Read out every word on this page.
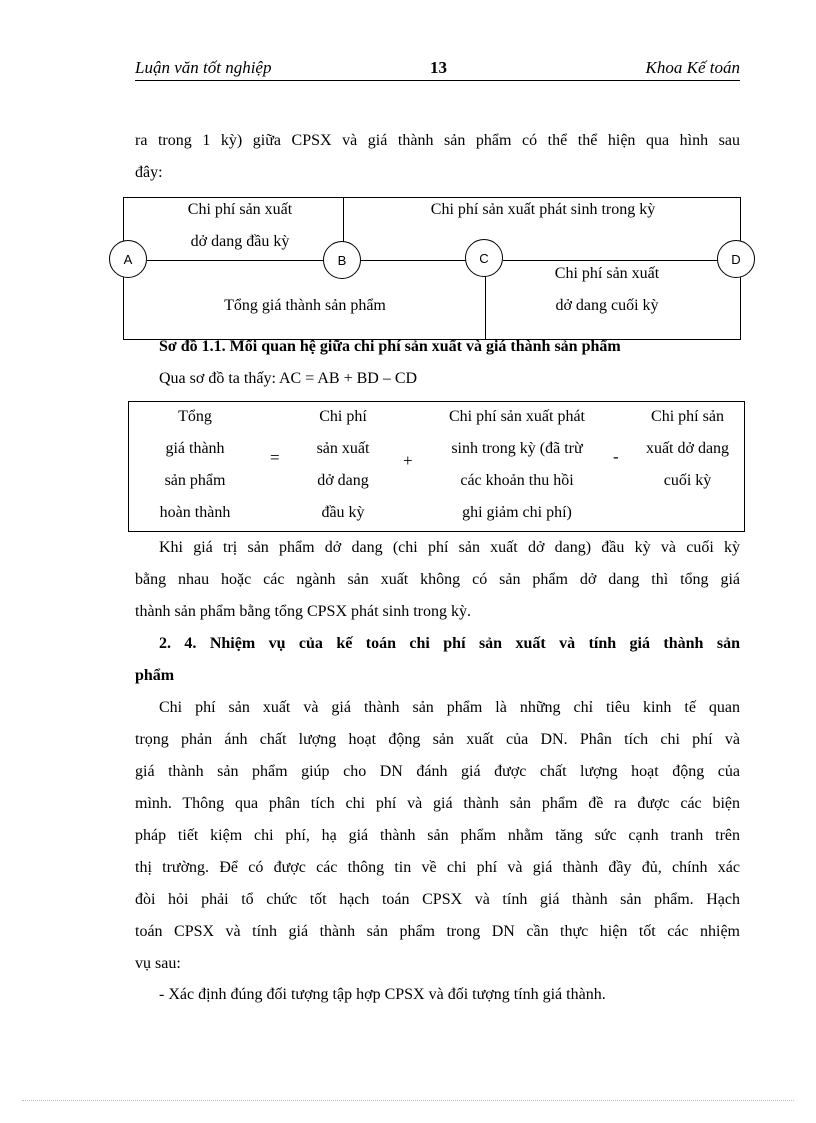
Luận văn tốt nghiệp	13	Khoa Kế toán
ra trong 1 kỳ) giữa CPSX và giá thành sản phẩm có thể thể hiện qua hình sau
đây:
Chi phí sản xuất
dở dang đầu kỳ
Chi phí sản xuất phát sinh trong kỳ
Tổng giá thành sản phẩm
Chi phí sản xuất
dở dang cuối kỳ
A	B	C	D
Sơ đồ 1.1. Mối quan hệ giữa chi phí sản xuất và giá thành sản phẩm
Qua sơ đồ ta thấy: AC = AB + BD – CD
Tổng
giá thành
sản phẩm
hoàn thành
=
Chi phí
sản xuất
dở dang
đầu kỳ
+
Chi phí sản xuất phát
sinh trong kỳ (đã trừ
các khoản thu hồi
ghi giảm chi phí)
-
Chi phí sản
xuất dở dang
cuối kỳ
Khi giá trị sản phẩm dở dang (chi phí sản xuất dở dang) đầu kỳ và cuối kỳ
bằng nhau hoặc các ngành sản xuất không có sản phẩm dở dang thì tổng giá
thành sản phẩm bằng tổng CPSX phát sinh trong kỳ.
2. 4. Nhiệm vụ của kế toán chi phí sản xuất và tính giá thành sản
phẩm
Chi phí sản xuất và giá thành sản phẩm là những chỉ tiêu kinh tế quan
trọng phản ánh chất lượng hoạt động sản xuất của DN. Phân tích chi phí và
giá thành sản phẩm giúp cho DN đánh giá được chất lượng hoạt động của
mình. Thông qua phân tích chi phí và giá thành sản phẩm đề ra được các biện
pháp tiết kiệm chi phí, hạ giá thành sản phẩm nhằm tăng sức cạnh tranh trên
thị trường. Để có được các thông tin về chi phí và giá thành đầy đủ, chính xác
đòi hỏi phải tổ chức tốt hạch toán CPSX và tính giá thành sản phẩm. Hạch
toán CPSX và tính giá thành sản phẩm trong DN cần thực hiện tốt các nhiệm
vụ sau:
- Xác định đúng đối tượng tập hợp CPSX và đối tượng tính giá thành.
